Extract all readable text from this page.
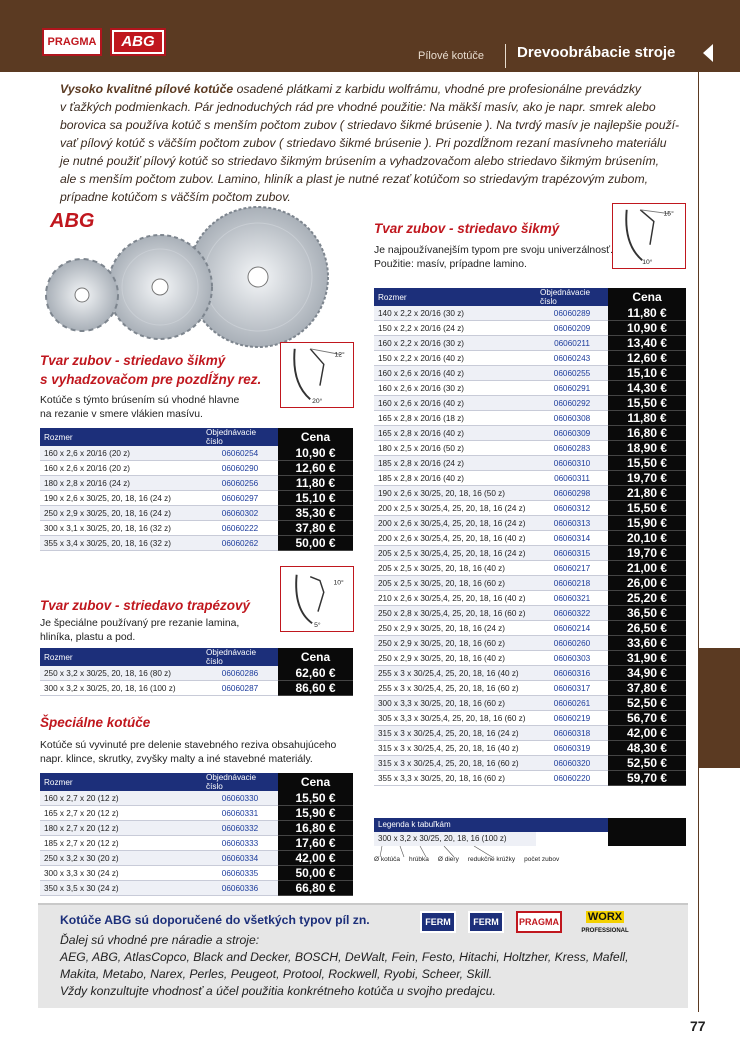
PRAGMA	ABG
Pílové kotúče Drevoobrábacie stroje
Vysoko kvalitné pílové kotúče osadené plátkami z karbidu wolfrámu, vhodné pre profesionálne prevádzky
v ťažkých podmienkach. Pár jednoduchých rád pre vhodné použitie: Na mäkší masív, ako je napr. smrek alebo
borovica sa používa kotúč s menším počtom zubov ( striedavo šikmé brúsenie ). Na tvrdý masív je najlepšie použí-
vať pílový kotúč s väčším počtom zubov ( striedavo šikmé brúsenie ). Pri pozdĺžnom rezaní masívneho materiálu
je nutné použiť pílový kotúč so striedavo šikmým brúsením a vyhadzovačom alebo striedavo šikmým brúsením,
ale s menším počtom zubov. Lamino, hliník a plast je nutné rezať kotúčom so striedavým trapézovým zubom,
prípadne kotúčom s väčším počtom zubov.
ABG
Tvar zubov - striedavo šikmý
s vyhadzovačom pre pozdĺžny rez.
Kotúče s týmto brúsením sú vhodné hlavne
na rezanie v smere vlákien masívu.
12°
20°
Rozmer	Objednávacie číslo	Cena
160 x 2,6 x 20/16 (20 z)	06060254	10,90 €
160 x 2,6 x 20/16 (20 z)	06060290	12,60 €
180 x 2,8 x 20/16 (24 z)	06060256	11,80 €
190 x 2,6 x 30/25, 20, 18, 16 (24 z)	06060297	15,10 €
250 x 2,9 x 30/25, 20, 18, 16 (24 z)	06060302	35,30 €
300 x 3,1 x 30/25, 20, 18, 16 (32 z)	06060222	37,80 €
355 x 3,4 x 30/25, 20, 18, 16 (32 z)	06060262	50,00 €
Tvar zubov - striedavo trapézový
Je špeciálne používaný pre rezanie lamina,
hliníka, plastu a pod.
10°
5°
Rozmer	Objednávacie číslo	Cena
250 x 3,2 x 30/25, 20, 18, 16 (80 z)	06060286	62,60 €
300 x 3,2 x 30/25, 20, 18, 16 (100 z)	06060287	86,60 €
Špeciálne kotúče
Kotúče sú vyvinuté pre delenie stavebného reziva obsahujúceho
napr. klince, skrutky, zvyšky malty a iné stavebné materiály.
Rozmer	Objednávacie číslo	Cena
160 x 2,7 x 20 (12 z)	06060330	15,50 €
165 x 2,7 x 20 (12 z)	06060331	15,90 €
180 x 2,7 x 20 (12 z)	06060332	16,80 €
185 x 2,7 x 20 (12 z)	06060333	17,60 €
250 x 3,2 x 30 (20 z)	06060334	42,00 €
300 x 3,3 x 30 (24 z)	06060335	50,00 €
350 x 3,5 x 30 (24 z)	06060336	66,80 €
Tvar zubov - striedavo šikmý
Je najpoužívanejším typom pre svoju univerzálnosť.
Použitie: masív, prípadne lamino.
15°
10°
Rozmer	Objednávacie číslo	Cena
140 x 2,2 x 20/16 (30 z)	06060289	11,80 €
150 x 2,2 x 20/16 (24 z)	06060209	10,90 €
160 x 2,2 x 20/16 (30 z)	06060211	13,40 €
150 x 2,2 x 20/16 (40 z)	06060243	12,60 €
160 x 2,6 x 20/16 (40 z)	06060255	15,10 €
160 x 2,6 x 20/16 (30 z)	06060291	14,30 €
160 x 2,6 x 20/16 (40 z)	06060292	15,50 €
165 x 2,8 x 20/16 (18 z)	06060308	11,80 €
165 x 2,8 x 20/16 (40 z)	06060309	16,80 €
180 x 2,5 x 20/16 (50 z)	06060283	18,90 €
185 x 2,8 x 20/16 (24 z)	06060310	15,50 €
185 x 2,8 x 20/16 (40 z)	06060311	19,70 €
190 x 2,6 x 30/25, 20, 18, 16 (50 z)	06060298	21,80 €
200 x 2,5 x 30/25,4, 25, 20, 18, 16 (24 z)	06060312	15,50 €
200 x 2,6 x 30/25,4, 25, 20, 18, 16 (24 z)	06060313	15,90 €
200 x 2,6 x 30/25,4, 25, 20, 18, 16 (40 z)	06060314	20,10 €
205 x 2,5 x 30/25,4, 25, 20, 18, 16 (24 z)	06060315	19,70 €
205 x 2,5 x 30/25, 20, 18, 16 (40 z)	06060217	21,00 €
205 x 2,5 x 30/25, 20, 18, 16 (60 z)	06060218	26,00 €
210 x 2,6 x 30/25,4, 25, 20, 18, 16 (40 z)	06060321	25,20 €
250 x 2,8 x 30/25,4, 25, 20, 18, 16 (60 z)	06060322	36,50 €
250 x 2,9 x 30/25, 20, 18, 16 (24 z)	06060214	26,50 €
250 x 2,9 x 30/25, 20, 18, 16 (60 z)	06060260	33,60 €
250 x 2,9 x 30/25, 20, 18, 16 (40 z)	06060303	31,90 €
255 x 3 x 30/25,4, 25, 20, 18, 16 (40 z)	06060316	34,90 €
255 x 3 x 30/25,4, 25, 20, 18, 16 (60 z)	06060317	37,80 €
300 x 3,3 x 30/25, 20, 18, 16 (60 z)	06060261	52,50 €
305 x 3,3 x 30/25,4, 25, 20, 18, 16 (60 z)	06060219	56,70 €
315 x 3 x 30/25,4, 25, 20, 18, 16 (24 z)	06060318	42,00 €
315 x 3 x 30/25,4, 25, 20, 18, 16 (40 z)	06060319	48,30 €
315 x 3 x 30/25,4, 25, 20, 18, 16 (60 z)	06060320	52,50 €
355 x 3,3 x 30/25, 20, 18, 16 (60 z)	06060220	59,70 €
Legenda k tabuľkám
300 x 3,2 x 30/25, 20, 18, 16 (100 z)
Ø kotúča hrúbka Ø diery redukčné krúžky počet zubov
Kotúče ABG sú doporučené do všetkých typov píl zn.	FERM	FERM	PRAGMA	WORX
PROFESSIONAL
Ďalej sú vhodné pre náradie a stroje:
AEG, ABG, AtlasCopco, Black and Decker, BOSCH, DeWalt, Fein, Festo, Hitachi, Holtzher, Kress, Mafell,
Makita, Metabo, Narex, Perles, Peugeot, Protool, Rockwell, Ryobi, Scheer, Skill.
Vždy konzultujte vhodnosť a účel použitia konkrétneho kotúča u svojho predajcu.
77
